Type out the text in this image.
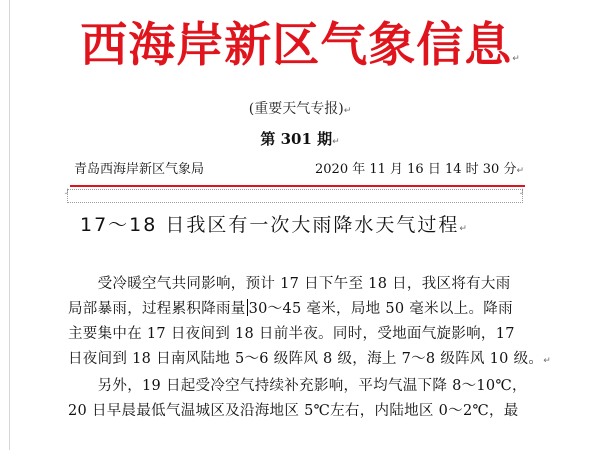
西海岸新区气象信息↵
(重要天气专报)↵
第 301 期↵
青岛西海岸新区气象局	2020 年 11 月 16 日 14 时 30 分↵
┘	┘
17～18 日我区有一次大雨降水天气过程↵
　　受冷暖空气共同影响，预计 17 日下午至 18 日，我区将有大雨
局部暴雨，过程累积降雨量 30～45 毫米，局地 50 毫米以上。降雨
主要集中在 17 日夜间到 18 日前半夜。同时，受地面气旋影响，17
日夜间到 18 日南风陆地 5～6 级阵风 8 级，海上 7～8 级阵风 10 级。↵
　　另外，19 日起受冷空气持续补充影响，平均气温下降 8～10℃，
20 日早晨最低气温城区及沿海地区 5℃左右，内陆地区 0～2℃，最
